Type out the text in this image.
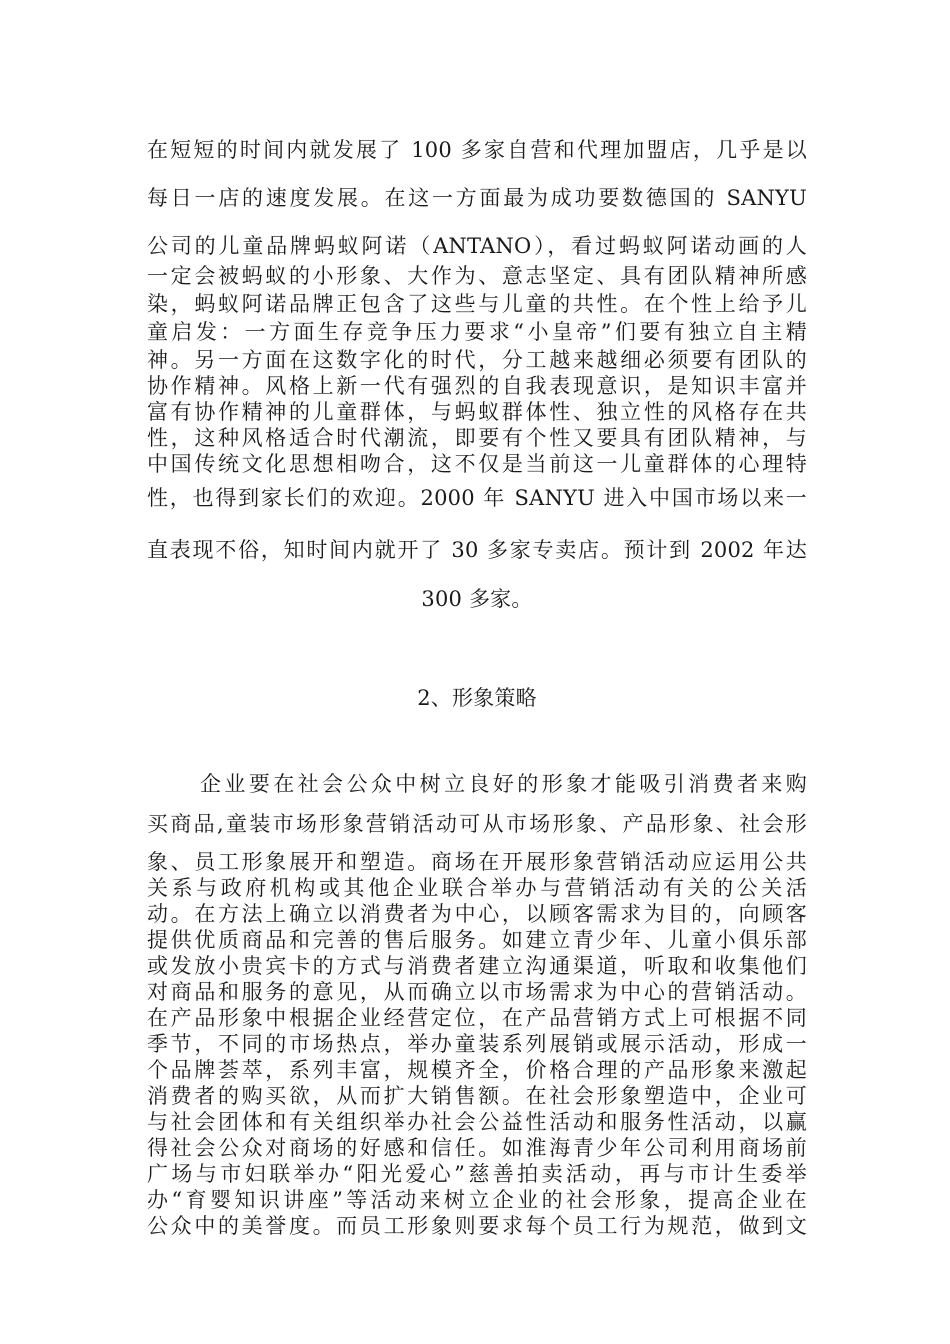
在短短的时间内就发展了 100 多家自营和代理加盟店，几乎是以
每日一店的速度发展。在这一方面最为成功要数德国的 SANYU
公司的儿童品牌蚂蚁阿诺（ANTANO），看过蚂蚁阿诺动画的人
一定会被蚂蚁的小形象、大作为、意志坚定、具有团队精神所感
染，蚂蚁阿诺品牌正包含了这些与儿童的共性。在个性上给予儿
童启发：一方面生存竞争压力要求“小皇帝”们要有独立自主精
神。另一方面在这数字化的时代，分工越来越细必须要有团队的
协作精神。风格上新一代有强烈的自我表现意识，是知识丰富并
富有协作精神的儿童群体，与蚂蚁群体性、独立性的风格存在共
性，这种风格适合时代潮流，即要有个性又要具有团队精神，与
中国传统文化思想相吻合，这不仅是当前这一儿童群体的心理特
性，也得到家长们的欢迎。2000 年 SANYU 进入中国市场以来一
直表现不俗，知时间内就开了 30 多家专卖店。预计到 2002 年达
300 多家。
2、形象策略
企业要在社会公众中树立良好的形象才能吸引消费者来购
买商品,童装市场形象营销活动可从市场形象、产品形象、社会形
象、员工形象展开和塑造。商场在开展形象营销活动应运用公共
关系与政府机构或其他企业联合举办与营销活动有关的公关活
动。在方法上确立以消费者为中心，以顾客需求为目的，向顾客
提供优质商品和完善的售后服务。如建立青少年、儿童小俱乐部
或发放小贵宾卡的方式与消费者建立沟通渠道，听取和收集他们
对商品和服务的意见，从而确立以市场需求为中心的营销活动。
在产品形象中根据企业经营定位，在产品营销方式上可根据不同
季节，不同的市场热点，举办童装系列展销或展示活动，形成一
个品牌荟萃，系列丰富，规模齐全，价格合理的产品形象来激起
消费者的购买欲，从而扩大销售额。在社会形象塑造中，企业可
与社会团体和有关组织举办社会公益性活动和服务性活动，以赢
得社会公众对商场的好感和信任。如淮海青少年公司利用商场前
广场与市妇联举办“阳光爱心”慈善拍卖活动，再与市计生委举
办“育婴知识讲座”等活动来树立企业的社会形象，提高企业在
公众中的美誉度。而员工形象则要求每个员工行为规范，做到文
